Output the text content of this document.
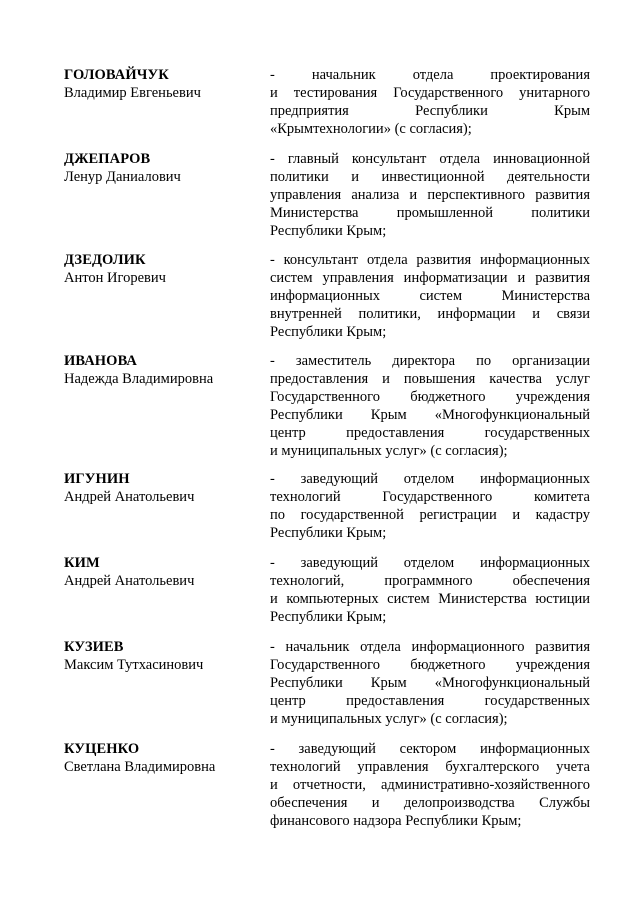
ГОЛОВАЙЧУК
Владимир Евгеньевич
- начальник отдела проектирования
и тестирования Государственного унитарного
предприятия Республики Крым
«Крымтехнологии» (с согласия);
ДЖЕПАРОВ
Ленур Даниалович
- главный консультант отдела инновационной
политики и инвестиционной деятельности
управления анализа и перспективного развития
Министерства промышленной политики
Республики Крым;
ДЗЕДОЛИК
Антон Игоревич
- консультант отдела развития информационных
систем управления информатизации и развития
информационных систем Министерства
внутренней политики, информации и связи
Республики Крым;
ИВАНОВА
Надежда Владимировна
- заместитель директора по организации
предоставления и повышения качества услуг
Государственного бюджетного учреждения
Республики Крым «Многофункциональный
центр предоставления государственных
и муниципальных услуг» (с согласия);
ИГУНИН
Андрей Анатольевич
- заведующий отделом информационных
технологий Государственного комитета
по государственной регистрации и кадастру
Республики Крым;
КИМ
Андрей Анатольевич
- заведующий отделом информационных
технологий, программного обеспечения
и компьютерных систем Министерства юстиции
Республики Крым;
КУЗИЕВ
Максим Тутхасинович
- начальник отдела информационного развития
Государственного бюджетного учреждения
Республики Крым «Многофункциональный
центр предоставления государственных
и муниципальных услуг» (с согласия);
КУЦЕНКО
Светлана Владимировна
- заведующий сектором информационных
технологий управления бухгалтерского учета
и отчетности, административно-хозяйственного
обеспечения и делопроизводства Службы
финансового надзора Республики Крым;
